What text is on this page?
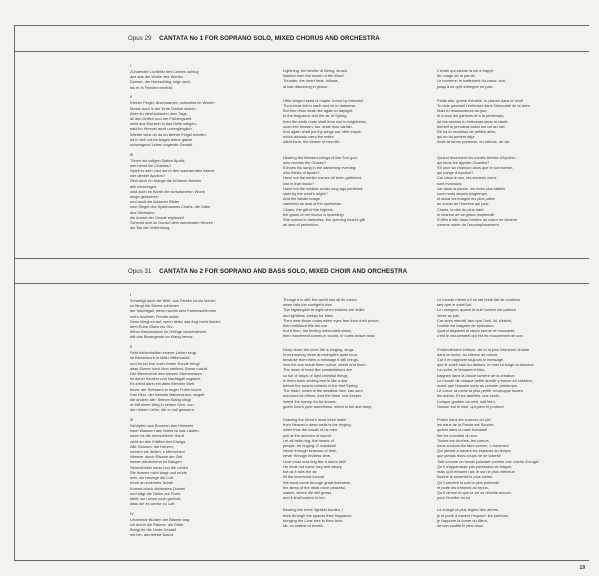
Opus 29 CANTATA No 1 FOR SOPRANO SOLO, MIXED CHORUS AND ORCHESTRA

I
Zündender Lichtblitz des Lebens schlug
aus aus der Wolke des Wortes.
Donner, der Herzschlag, folgt nach,
bis er in Frieden verebbt.

II
Kleiner Flügel, Ahornsamen, schwebst im Winde!
Musst doch in der Erde Dunkel sinken.
Aber du wirst aufstehn dem Tage,
all den Düften und der Frühlingszeit
wirst aus Wurzeln in das Helle steigen,
bald im Himmel auch unvergänglich
Wieder wirst du da du kleiner Flügel werden,
da in sich schon tragen deine ganze
schwingend Leben sogende Gestalt.

III
Tönen die seligen Saiten Apolls,
wer nennt sie Charites?
Spielt er sein Lied durch den wachsenden Abend
wer denket Apollos?
Sind doch im Klange die früheren Namen
alle verklungen;
sind doch im Worte die schwächeren Worte
lange gestorben;
und auch die klaseren Bilder
zum Siegel des Spielmannes Charis, die Gabe
des Höchsten:
die Anmut der Gnade ergänzet!
Schenkt sich im Dunkel dem werdenden Herzen
als Tau der Vollendung.

Lightning, the kindler of Being, struck,
flashed from the womb of the Word.
Thunder, the heart beat, follows,
at last dissolving in peace.

Little winged seed of maple, borne by breezes!
Thou must fall to earth and lie in darkness.
But then thou shalt rise again to daylight,
to the fragrance and the air of Spring,
from the earth roots shalt thou rise to brightness,
soon into heaven, too, shalt thou vanish.
And again shalt put thy wings out, little maple,
which already carry the entire
silent form, the bearer of new life.

Hearing the blessed strings of the Sun god,
who reveals the Graces?
Echoes his song in the darkening evening;
who thinks of Apollo?
Have not the earlier names all been gathered,
lost in that music?
Have not the weaker words long ago perished,
slain by the word's might?
And the fainter image
vanished as seal of the spellsman
Charis, the gift of the highest:
the grace of her favour is sparkling!
She comes in darkness, the opening heart's gift
as dew of perfection.

L'éclair qui allume la vie a frappé
du nuage de la parole.
Le tonnerre, le battement du coeur, suit,
jusqu'à ce qu'il s'éteigne en paix.

Petite aile, graine d'érable, tu planes dans le vent!
Tu dois pourtant t'enfoncer dans l'obscurité de la terre.
Mais tu ressusciteras au jour,
et à tous les parfums et à la printemps;
de tes racines tu t'élèveras dans la clarté,
bientôt tu prendras aussi ton vol au ciel,
Dé nà tu renaîtras de petites ailes,
qui en toi portent déjà
toute ta forme porteuse, en silence, de vie.

Quand résonnent les cordes bénies d'Apollon,
qui donc les appelle Charites?
S'il joue sa chanson alors que le soir tombe,
qui songe à Apollon?
Car dans le son, les anciens noms
sont évanouis;
car dans la parole, les mots plus faibles
sont morts depuis longtemps,
et aussi les images les plus pâles
en sceau de l'homme qui joue.
Charis, le don du plus haut:
le charme de sa grâce resplendit!
S'offre à elle dans l'ombre au coeur en devenir
comme rosée de l'accomplissement.

Opus 31 CANTATA No 2 FOR SOPRANO AND BASS SOLO, MIXED CHOIR AND ORCHESTRA

I
Schweigt auch die Welt, aus Farben ist sie immer,
so fängt die Sonne schienen
der Nachtigall, wenn nachts kein Farbenschimmer
mehr leuchtet, Freude weint.
Denn klingt es auf, wenn tiefes das Aug mehr bindet,
dem Ruhe Glanz ins Ohr.
Wenn Bewusstsein im Gefüge verschwindet,
tritt das Bewegende im Klang hervor.

II
Sehr tiefverhohlen innerer Leben singt
im Bienenkorb in stiller Mitternacht
und es sei ihm noch immer Kunde bringt
dass Sonne hoch über steilend Süsse macht.
Der Bienenkorb des wahren Sternenraum
ist durch Seufzer und Nachtigall zugleich.
Es kreist darin ein altes Bienlein Welt
bevor der Schwarm in enger Frühe bricht:
Das Herz, der kleinste Bienenkranz, singelt
die andern alle. Seinen Klang klingt
er tritt einen Weg in seinen Sinn, von
den reinen Liebe, die er voll gewonnt.

III
Schöpfen aus Brunnen des Himmels
nach Wassern des Worts ist das Läuten,
wenn es die menschliche Hand
zieht an den Kräften des Klangs.
Alle Glocken, die Herzen,
werden wir läuten, o Menschen!
Nimmer durch Räume der Zeit
immer wiederkehrt im Bangen
Stromdunkel muss nun die Leben
Sie komme nicht kargt und müde
sein, sie bewege die Luft
rühre an innerstes Schall
Kommt durch dichtestes Dunkel
und trägt die Tiefen zur Ruhe,
stellt, wo Leben noch gesinnt,
dass sie es wecke zu Luft.

IV
Leichteste Bürden der Bäume trag
ich durch die Räume: die Düfte.
Bringt ihr die Linde Gestalt
mit her, aus tiefste Nacht.

Though it is still, the world has all its colour
when falls the sunlight's kiss.
The nightingale at night when shades are duller
and lightless, weeps for bliss.
Then hear those notes when eyes free from their prison,
then brilliance fills the ear.
But if then, the feeling unfounded vision,
then movement comes in sound, in notes drawn near.

Deep down the inner life is singing, sings
in murmuring hives at midnight's quiet hour,
because from them a message it still brings,
how the sun made them colour, sweet and flow'r.
The hives of bees like constellations are
so full of drops of light celestial things,
in them each circling bee is like a star
before the swarm collects in the first Spring.
The heart, which is the smallest hive, can sum
surround all others. And the bees' one keeper
keeps the honey, for he knows,
goeth love's pure sweetness, which is full and deep.

Drawing the Word's most fresh water
from Heaven's deep wells is the ringing,
when thus the hands of us men
pull at the anchors of sound.
Let all bells ring, the hearts of
people, be ringing, O mankind!
Never through seasons of time,
never through endless time,
Love must now ring like a storm bell!
He must not come lazy and weary,
but as it stirs the air
fill the innermost sound!
We must come through great darkness,
the sleep of the dead more peaceful,
waken, where life still grows,
and it shall waken in fun.

Bearing the trees' lightest burden, I
blow through the spaces their fragrance,
bringing the Lime tree to thee from
far, on softest of breath.

Le monde même s'il se tait reste fait de couleurs
tant que le soleil luit.
Le rossignol, quand la nuit l'ombre est partout
verse sa joie.
Car alors retentit, tant que l'oeil, lui, s'éteint,
l'oreille est baignée de splendeur.
Quand disparaît la vision tourne et mouvante,
c'est le mouvement qui est en mouvement de son.

Profondément enfouie, vie et la plus intérieure chante
dans la ruche, au silence de minuit.
Car il en rapporte toujours le message,
que le soleil haut au-dessus, le miel lui surgir la douceur.
La ruche, le firmament bleu,
baignée dans la douce lumière de la création.
Le monde de chaque petite abeille y trouve en création,
avant que l'essaim sorte au premier printemps.
Le coeur, la ruche la plus petite, enveloppe toutes
les autres. Et les abeilles, une seule,
l'unique gardien du miel, sait bien,
l'amour est le miel, qui plein et profond.

Puiser dans les sources du ciel
les eaux de la Parole est Sonner,
quand dans la main humaine
tire les crochets du son.
Toutes les cloches, les coeurs,
nous voulons les faire sonner, ô hommes!
Qui jamais à travers les espaces du temps,
que jamais leurs coups ne se taisent!
Tout comme un tocsin puissant comme une cloche d'orage!
Qu'il n'apparaisse pas paresseux et fatigué,
mais qu'il ébranle l'air, le son le plus intérieur!
fouche le sommeil le plus intime.
Qu'il pénètre la nuit la plus profonde
et porte les tréfonds au repos,
Qu'il vienne et que la vie se réveille encore,
pour l'éveiller en lui.

La charge la plus légère des arbres,
je la porte à travers l'espace: les parfums,
je t'apporte la forme du tilleul,
de son souffle le plus doux.

19
